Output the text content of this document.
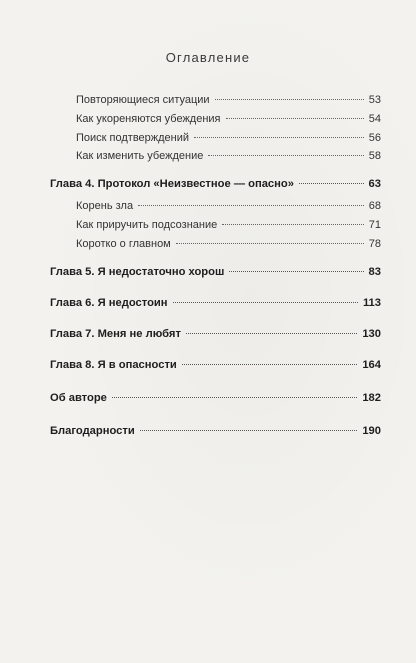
Оглавление
Повторяющиеся ситуации	53
Как укореняются убеждения	54
Поиск подтверждений	56
Как изменить убеждение	58
Глава 4. Протокол «Неизвестное — опасно»	63
Корень зла	68
Как приручить подсознание	71
Коротко о главном	78
Глава 5. Я недостаточно хорош	83
Глава 6. Я недостоин	113
Глава 7. Меня не любят	130
Глава 8. Я в опасности	164
Об авторе	182
Благодарности	190
